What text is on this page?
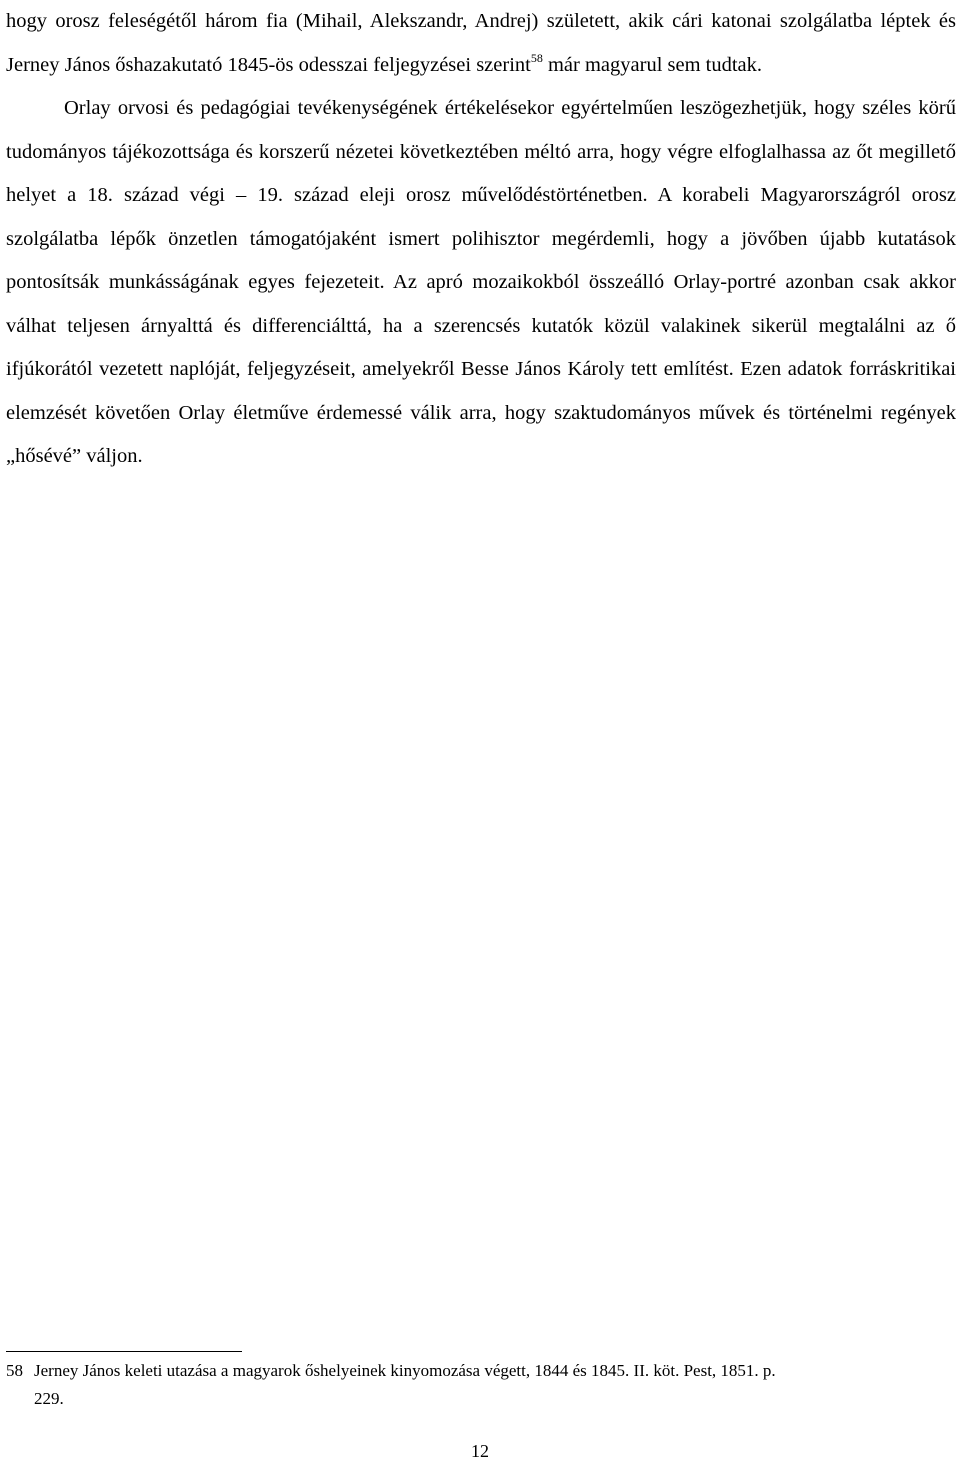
hogy orosz feleségétől három fia (Mihail, Alekszandr, Andrej) született, akik cári katonai szolgálatba léptek és Jerney János őshazakutató 1845-ös odesszai feljegyzései szerint$^{58}$ már magyarul sem tudtak.

Orlay orvosi és pedagógiai tevékenységének értékelésekor egyértelműen leszögezhetjük, hogy széles körű tudományos tájékozottsága és korszerű nézetei következtében méltó arra, hogy végre elfoglalhassa az őt megillető helyet a 18. század végi – 19. század eleji orosz művelődéstörténetben. A korabeli Magyarországról orosz szolgálatba lépők önzetlen támogatójaként ismert polihisztor megérdemli, hogy a jövőben újabb kutatások pontosítsák munkásságának egyes fejezeteit. Az apró mozaikokból összeálló Orlay-portré azonban csak akkor válhat teljesen árnyalttá és differenciálttá, ha a szerencsés kutatók közül valakinek sikerül megtalálni az ő ifjúkorától vezetett naplóját, feljegyzéseit, amelyekről Besse János Károly tett említést. Ezen adatok forráskritikai elemzését követően Orlay életműve érdemessé válik arra, hogy szaktudományos művek és történelmi regények „hősévé” váljon.

58 Jerney János keleti utazása a magyarok őshelyeinek kinyomozása végett, 1844 és 1845. II. köt. Pest, 1851. p.
229.
12
